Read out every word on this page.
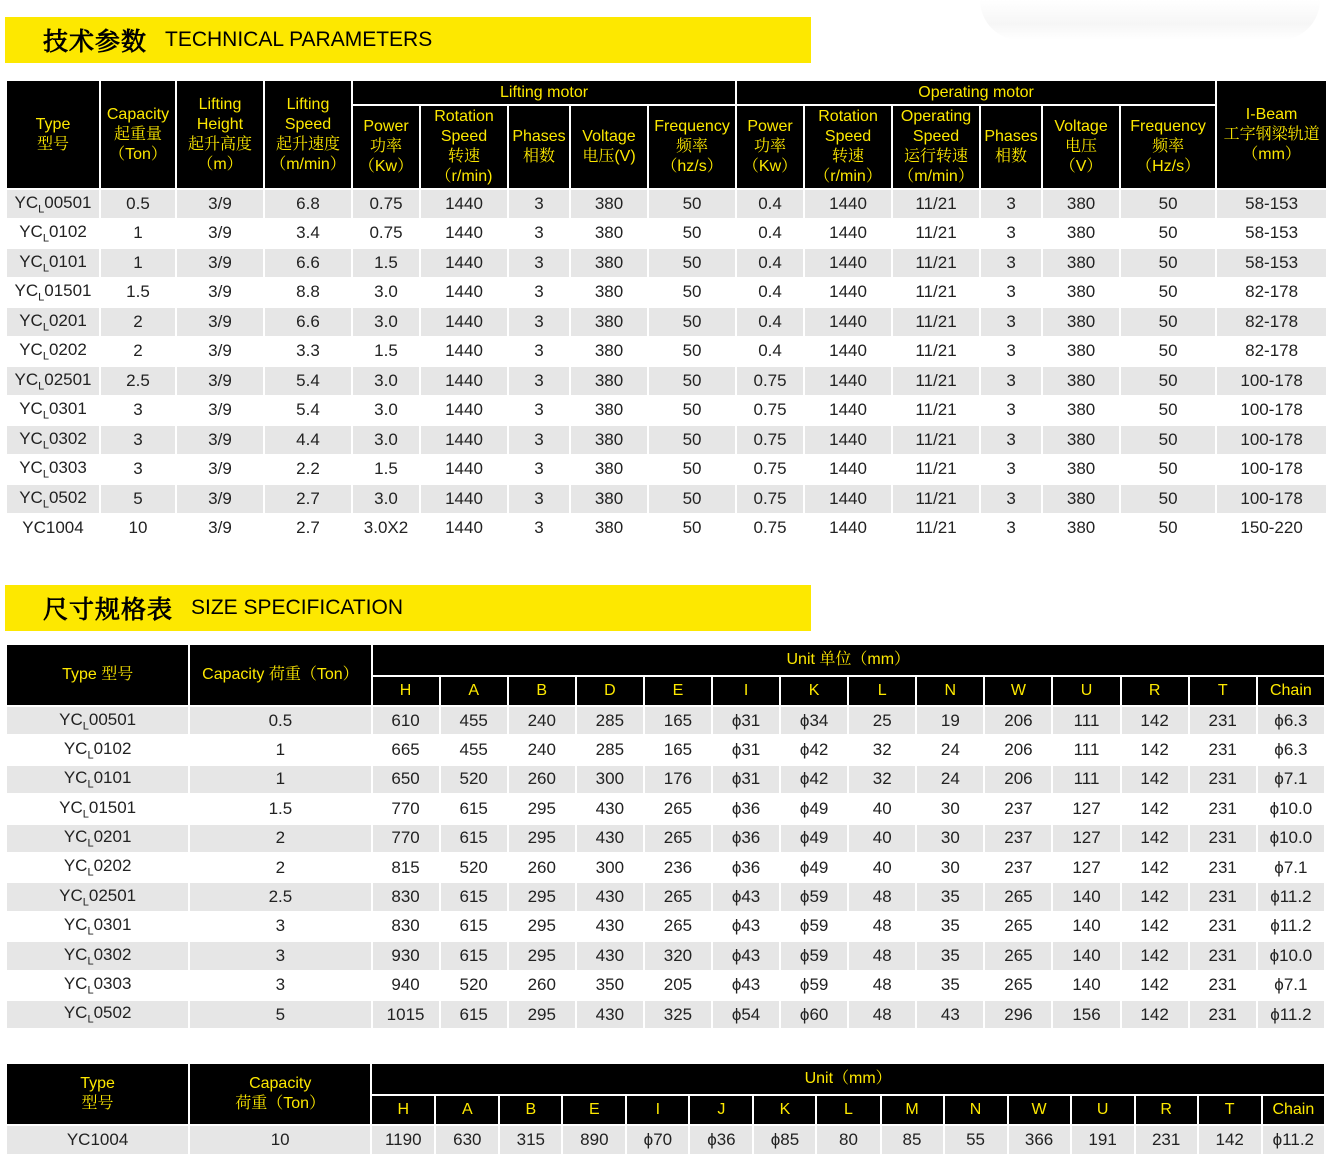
技术参数 TECHNICAL PARAMETERS
Type
型号	Capacity
起重量
（Ton）	Lifting
Height
起升高度
（m）	Lifting
Speed
起升速度
（m/min）	Lifting motor					Operating motor						I-Beam
工字钢梁轨道
（mm）

				Power
功率
（Kw）	Rotation
Speed
转速
（r/min)	Phases
相数	Voltage
电压(V)	Frequency
频率
（hz/s）	Power
功率
（Kw）	Rotation
Speed
转速
（r/min）	Operating
Speed
运行转速
（m/min）	Phases
相数	Voltage
电压
（V）	Frequency
频率
（Hz/s）	

$YC_L00501$	0.5	3/9	6.8	0.75	1440	3	380	50	0.4	1440	11/21	3	380	50	58-153
$YC_L0102$	1	3/9	3.4	0.75	1440	3	380	50	0.4	1440	11/21	3	380	50	58-153
$YC_L0101$	1	3/9	6.6	1.5	1440	3	380	50	0.4	1440	11/21	3	380	50	58-153
$YC_L01501$	1.5	3/9	8.8	3.0	1440	3	380	50	0.4	1440	11/21	3	380	50	82-178
$YC_L0201$	2	3/9	6.6	3.0	1440	3	380	50	0.4	1440	11/21	3	380	50	82-178
$YC_L0202$	2	3/9	3.3	1.5	1440	3	380	50	0.4	1440	11/21	3	380	50	82-178
$YC_L02501$	2.5	3/9	5.4	3.0	1440	3	380	50	0.75	1440	11/21	3	380	50	100-178
$YC_L0301$	3	3/9	5.4	3.0	1440	3	380	50	0.75	1440	11/21	3	380	50	100-178
$YC_L0302$	3	3/9	4.4	3.0	1440	3	380	50	0.75	1440	11/21	3	380	50	100-178
$YC_L0303$	3	3/9	2.2	1.5	1440	3	380	50	0.75	1440	11/21	3	380	50	100-178
$YC_L0502$	5	3/9	2.7	3.0	1440	3	380	50	0.75	1440	11/21	3	380	50	100-178
YC1004	10	3/9	2.7	3.0X2	1440	3	380	50	0.75	1440	11/21	3	380	50	150-220
尺寸规格表 SIZE SPECIFICATION
Type 型号	Capacity 荷重（Ton）	Unit 单位（mm）													
		H	A	B	D	E	I	K	L	N	W	U	R	T	Chain
$YC_L00501$	0.5	610	455	240	285	165	ϕ31	ϕ34	25	19	206	111	142	231	ϕ6.3
$YC_L0102$	1	665	455	240	285	165	ϕ31	ϕ42	32	24	206	111	142	231	ϕ6.3
$YC_L0101$	1	650	520	260	300	176	ϕ31	ϕ42	32	24	206	111	142	231	ϕ7.1
$YC_L01501$	1.5	770	615	295	430	265	ϕ36	ϕ49	40	30	237	127	142	231	ϕ10.0
$YC_L0201$	2	770	615	295	430	265	ϕ36	ϕ49	40	30	237	127	142	231	ϕ10.0
$YC_L0202$	2	815	520	260	300	236	ϕ36	ϕ49	40	30	237	127	142	231	ϕ7.1
$YC_L02501$	2.5	830	615	295	430	265	ϕ43	ϕ59	48	35	265	140	142	231	ϕ11.2
$YC_L0301$	3	830	615	295	430	265	ϕ43	ϕ59	48	35	265	140	142	231	ϕ11.2
$YC_L0302$	3	930	615	295	430	320	ϕ43	ϕ59	48	35	265	140	142	231	ϕ10.0
$YC_L0303$	3	940	520	260	350	205	ϕ43	ϕ59	48	35	265	140	142	231	ϕ7.1
$YC_L0502$	5	1015	615	295	430	325	ϕ54	ϕ60	48	43	296	156	142	231	ϕ11.2
Type
型号	Capacity
荷重（Ton）	Unit（mm）														
		H	A	B	E	I	J	K	L	M	N	W	U	R	T	Chain
YC1004	10	1190	630	315	890	ϕ70	ϕ36	ϕ85	80	85	55	366	191	231	142	ϕ11.2
